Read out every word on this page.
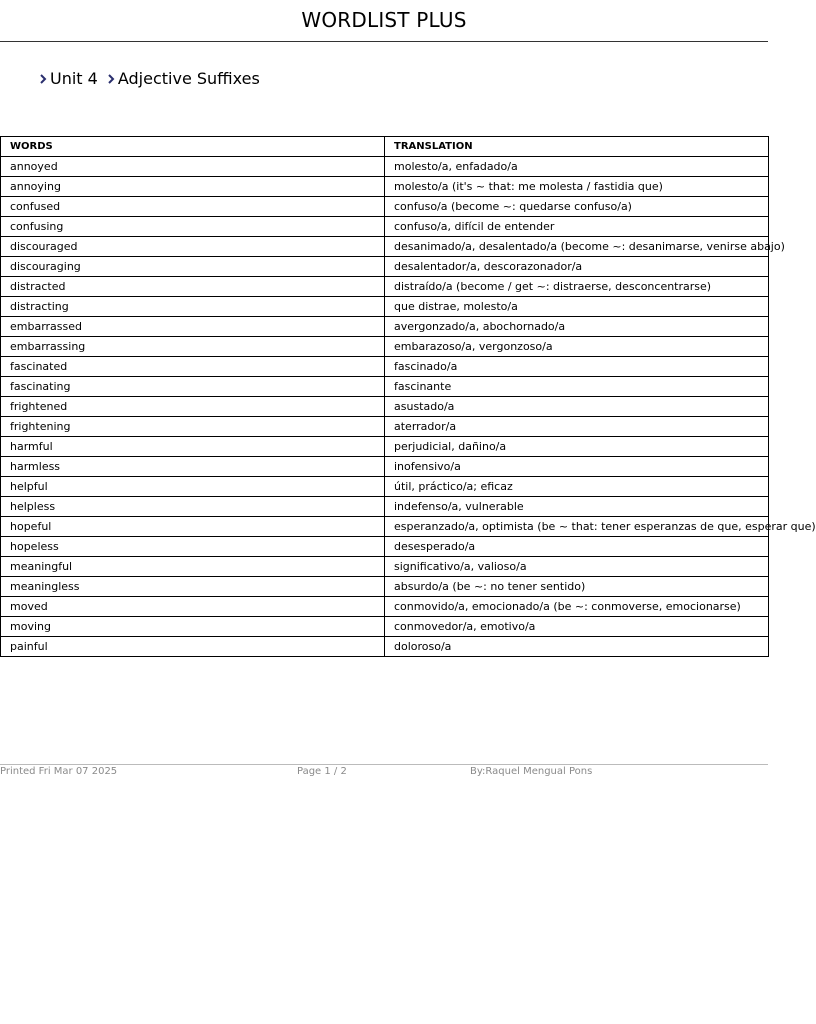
WORDLIST PLUS
Unit 4 Adjective Suffixes
WORDS	TRANSLATION
annoyed	molesto/a, enfadado/a
annoying	molesto/a (it's ~ that: me molesta / fastidia que)
confused	confuso/a (become ~: quedarse confuso/a)
confusing	confuso/a, difícil de entender
discouraged	desanimado/a, desalentado/a (become ~: desanimarse, venirse abajo)
discouraging	desalentador/a, descorazonador/a
distracted	distraído/a (become / get ~: distraerse, desconcentrarse)
distracting	que distrae, molesto/a
embarrassed	avergonzado/a, abochornado/a
embarrassing	embarazoso/a, vergonzoso/a
fascinated	fascinado/a
fascinating	fascinante
frightened	asustado/a
frightening	aterrador/a
harmful	perjudicial, dañino/a
harmless	inofensivo/a
helpful	útil, práctico/a; eficaz
helpless	indefenso/a, vulnerable
hopeful	esperanzado/a, optimista (be ~ that: tener esperanzas de que, esperar que)
hopeless	desesperado/a
meaningful	significativo/a, valioso/a
meaningless	absurdo/a (be ~: no tener sentido)
moved	conmovido/a, emocionado/a (be ~: conmoverse, emocionarse)
moving	conmovedor/a, emotivo/a
painful	doloroso/a
Printed Fri Mar 07 2025	Page 1 / 2	By:Raquel Mengual Pons
